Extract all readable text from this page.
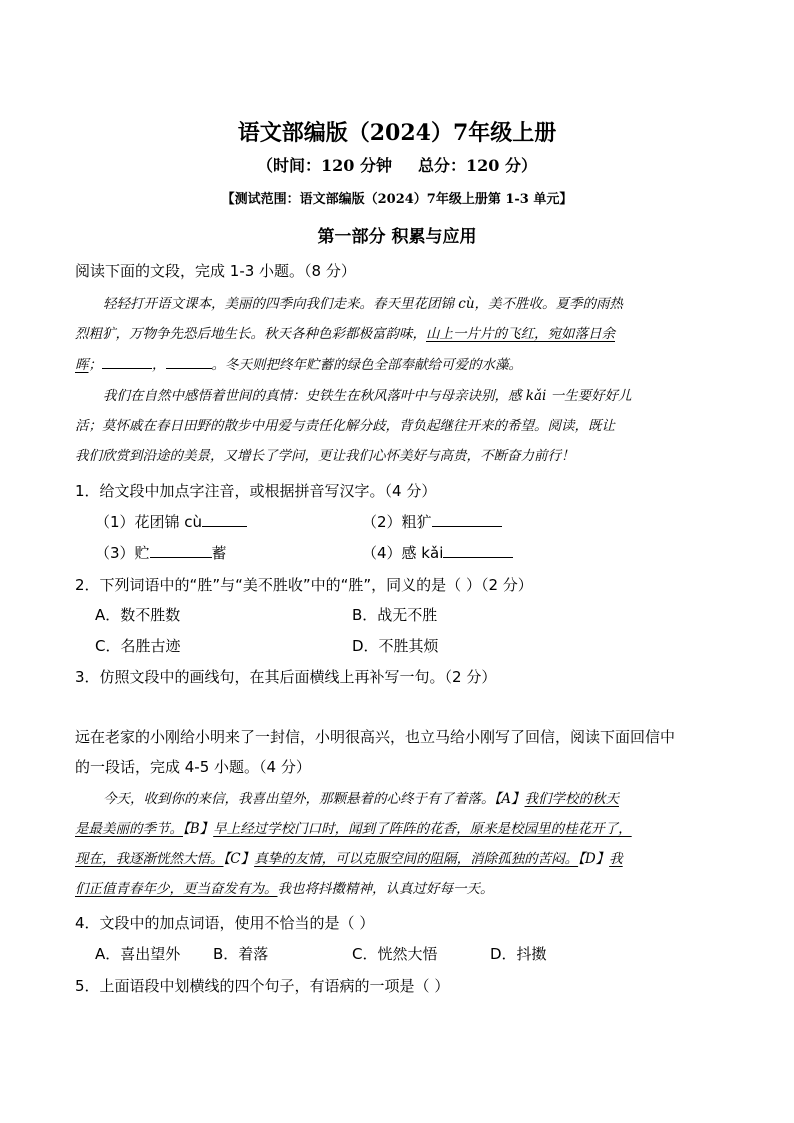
语文部编版（2024）7年级上册
（时间：120 分钟 总分：120 分）
【测试范围：语文部编版（2024）7年级上册第 1-3 单元】
第一部分 积累与应用
阅读下面的文段，完成 1-3 小题。（8 分）
轻轻打开语文课本，美丽的四季向我们走来。春天里花团锦 cù，美不胜收。夏季的雨热
烈粗犷，万物争先恐后地生长。秋天各种色彩都极富韵味，山上一片片的飞红，宛如落日余
晖；	，	。冬天则把终年贮蓄的绿色全部奉献给可爱的水藻。
我们在自然中感悟着世间的真情：史铁生在秋风落叶中与母亲诀别，感 kǎi 一生要好好儿
活；莫怀戚在春日田野的散步中用爱与责任化解分歧，背负起继往开来的希望。阅读，既让
我们欣赏到沿途的美景，又增长了学问，更让我们心怀美好与高贵，不断奋力前行！
1．给文段中加点字注音，或根据拼音写汉字。（4 分）
（1）花团锦 cù	（2）粗犷
（3）贮	蓄	（4）感 kǎi
2．下列词语中的“胜”与“美不胜收”中的“胜”，同义的是（ ）（2 分）
A．数不胜数	B．战无不胜
C．名胜古迹	D．不胜其烦
3．仿照文段中的画线句，在其后面横线上再补写一句。（2 分）
远在老家的小刚给小明来了一封信，小明很高兴，也立马给小刚写了回信，阅读下面回信中
的一段话，完成 4-5 小题。（4 分）
今天，收到你的来信，我喜出望外，那颗悬着的心终于有了着落。【A】我们学校的秋天
是最美丽的季节。【B】早上经过学校门口时，闻到了阵阵的花香，原来是校园里的桂花开了，
现在，我逐渐恍然大悟。【C】真挚的友情，可以克服空间的阻隔，消除孤独的苦闷。【D】我
们正值青春年少，更当奋发有为。我也将抖擞精神，认真过好每一天。
4．文段中的加点词语，使用不恰当的是（ ）
A．喜出望外	B．着落	C．恍然大悟	D．抖擞
5．上面语段中划横线的四个句子，有语病的一项是（ ）
